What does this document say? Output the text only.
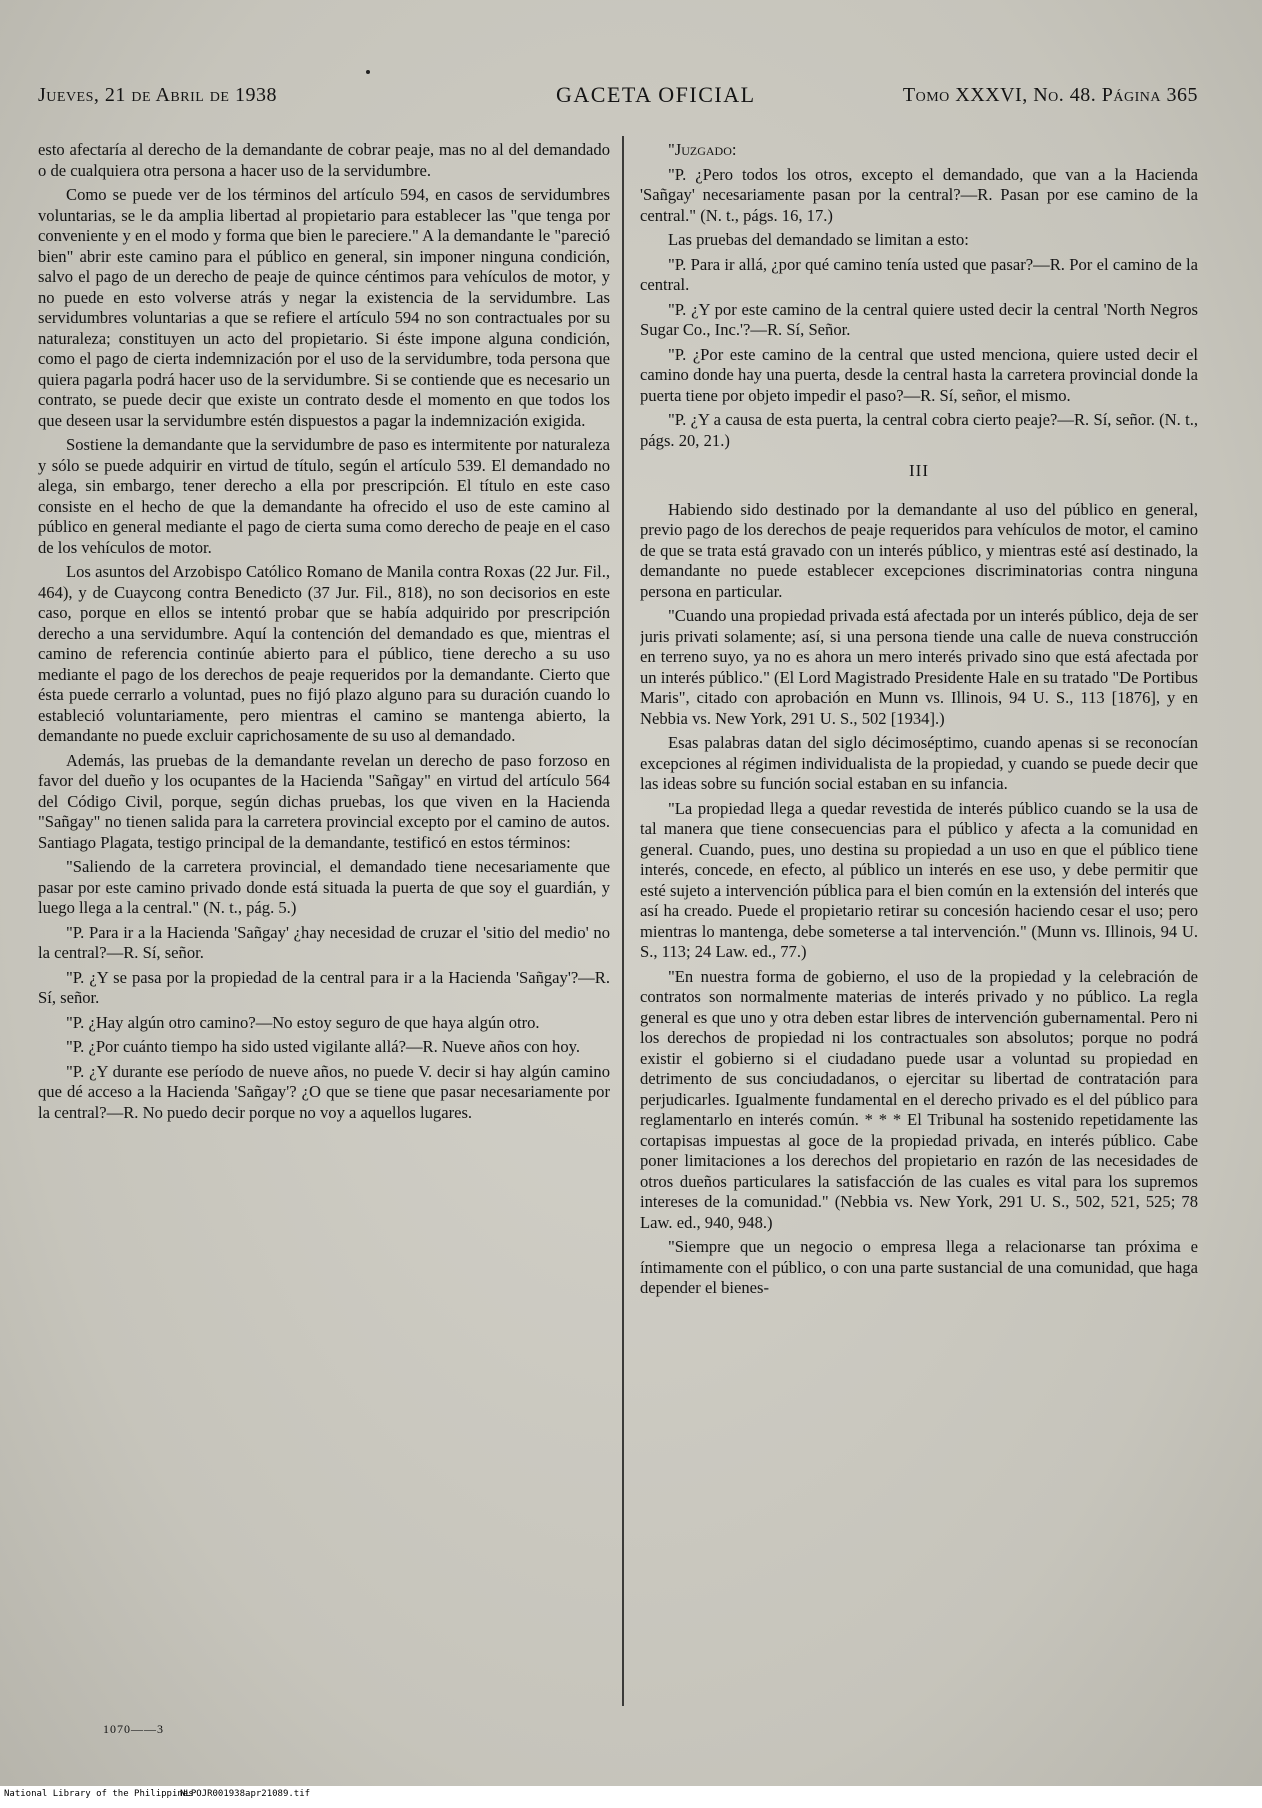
Jueves, 21 de Abril de 1938	GACETA OFICIAL	Tomo XXXVI, No. 48. Página 365

esto afectaría al derecho de la demandante de cobrar peaje, mas no al del demandado o de cualquiera otra persona a hacer uso de la servidumbre.

Como se puede ver de los términos del artículo 594, en casos de servidumbres voluntarias, se le da amplia libertad al propietario para establecer las "que tenga por conveniente y en el modo y forma que bien le pareciere." A la demandante le "pareció bien" abrir este camino para el público en general, sin imponer ninguna condición, salvo el pago de un derecho de peaje de quince céntimos para vehículos de motor, y no puede en esto volverse atrás y negar la existencia de la servidumbre. Las servidumbres voluntarias a que se refiere el artículo 594 no son contractuales por su naturaleza; constituyen un acto del propietario. Si éste impone alguna condición, como el pago de cierta indemnización por el uso de la servidumbre, toda persona que quiera pagarla podrá hacer uso de la servidumbre. Si se contiende que es necesario un contrato, se puede decir que existe un contrato desde el momento en que todos los que deseen usar la servidumbre estén dispuestos a pagar la indemnización exigida.

Sostiene la demandante que la servidumbre de paso es intermitente por naturaleza y sólo se puede adquirir en virtud de título, según el artículo 539. El demandado no alega, sin embargo, tener derecho a ella por prescripción. El título en este caso consiste en el hecho de que la demandante ha ofrecido el uso de este camino al público en general mediante el pago de cierta suma como derecho de peaje en el caso de los vehículos de motor.

Los asuntos del Arzobispo Católico Romano de Manila contra Roxas (22 Jur. Fil., 464), y de Cuaycong contra Benedicto (37 Jur. Fil., 818), no son decisorios en este caso, porque en ellos se intentó probar que se había adquirido por prescripción derecho a una servidumbre. Aquí la contención del demandado es que, mientras el camino de referencia continúe abierto para el público, tiene derecho a su uso mediante el pago de los derechos de peaje requeridos por la demandante. Cierto que ésta puede cerrarlo a voluntad, pues no fijó plazo alguno para su duración cuando lo estableció voluntariamente, pero mientras el camino se mantenga abierto, la demandante no puede excluir caprichosamente de su uso al demandado.

Además, las pruebas de la demandante revelan un derecho de paso forzoso en favor del dueño y los ocupantes de la Hacienda "Sañgay" en virtud del artículo 564 del Código Civil, porque, según dichas pruebas, los que viven en la Hacienda "Sañgay" no tienen salida para la carretera provincial excepto por el camino de autos. Santiago Plagata, testigo principal de la demandante, testificó en estos términos:

"Saliendo de la carretera provincial, el demandado tiene necesariamente que pasar por este camino privado donde está situada la puerta de que soy el guardián, y luego llega a la central." (N. t., pág. 5.)

"P. Para ir a la Hacienda 'Sañgay' ¿hay necesidad de cruzar el 'sitio del medio' no la central?—R. Sí, señor.

"P. ¿Y se pasa por la propiedad de la central para ir a la Hacienda 'Sañgay'?—R. Sí, señor.

"P. ¿Hay algún otro camino?—No estoy seguro de que haya algún otro.

"P. ¿Por cuánto tiempo ha sido usted vigilante allá?—R. Nueve años con hoy.

"P. ¿Y durante ese período de nueve años, no puede V. decir si hay algún camino que dé acceso a la Hacienda 'Sañgay'? ¿O que se tiene que pasar necesariamente por la central?—R. No puedo decir porque no voy a aquellos lugares.

"Juzgado:

"P. ¿Pero todos los otros, excepto el demandado, que van a la Hacienda 'Sañgay' necesariamente pasan por la central?—R. Pasan por ese camino de la central." (N. t., págs. 16, 17.)

Las pruebas del demandado se limitan a esto:

"P. Para ir allá, ¿por qué camino tenía usted que pasar?—R. Por el camino de la central.

"P. ¿Y por este camino de la central quiere usted decir la central 'North Negros Sugar Co., Inc.'?—R. Sí, Señor.

"P. ¿Por este camino de la central que usted menciona, quiere usted decir el camino donde hay una puerta, desde la central hasta la carretera provincial donde la puerta tiene por objeto impedir el paso?—R. Sí, señor, el mismo.

"P. ¿Y a causa de esta puerta, la central cobra cierto peaje?—R. Sí, señor. (N. t., págs. 20, 21.)

III

Habiendo sido destinado por la demandante al uso del público en general, previo pago de los derechos de peaje requeridos para vehículos de motor, el camino de que se trata está gravado con un interés público, y mientras esté así destinado, la demandante no puede establecer excepciones discriminatorias contra ninguna persona en particular.

"Cuando una propiedad privada está afectada por un interés público, deja de ser juris privati solamente; así, si una persona tiende una calle de nueva construcción en terreno suyo, ya no es ahora un mero interés privado sino que está afectada por un interés público." (El Lord Magistrado Presidente Hale en su tratado "De Portibus Maris", citado con aprobación en Munn vs. Illinois, 94 U. S., 113 [1876], y en Nebbia vs. New York, 291 U. S., 502 [1934].)

Esas palabras datan del siglo décimoséptimo, cuando apenas si se reconocían excepciones al régimen individualista de la propiedad, y cuando se puede decir que las ideas sobre su función social estaban en su infancia.

"La propiedad llega a quedar revestida de interés público cuando se la usa de tal manera que tiene consecuencias para el público y afecta a la comunidad en general. Cuando, pues, uno destina su propiedad a un uso en que el público tiene interés, concede, en efecto, al público un interés en ese uso, y debe permitir que esté sujeto a intervención pública para el bien común en la extensión del interés que así ha creado. Puede el propietario retirar su concesión haciendo cesar el uso; pero mientras lo mantenga, debe someterse a tal intervención." (Munn vs. Illinois, 94 U. S., 113; 24 Law. ed., 77.)

"En nuestra forma de gobierno, el uso de la propiedad y la celebración de contratos son normalmente materias de interés privado y no público. La regla general es que uno y otra deben estar libres de intervención gubernamental. Pero ni los derechos de propiedad ni los contractuales son absolutos; porque no podrá existir el gobierno si el ciudadano puede usar a voluntad su propiedad en detrimento de sus conciudadanos, o ejercitar su libertad de contratación para perjudicarles. Igualmente fundamental en el derecho privado es el del público para reglamentarlo en interés común. * * * El Tribunal ha sostenido repetidamente las cortapisas impuestas al goce de la propiedad privada, en interés público. Cabe poner limitaciones a los derechos del propietario en razón de las necesidades de otros dueños particulares la satisfacción de las cuales es vital para los supremos intereses de la comunidad." (Nebbia vs. New York, 291 U. S., 502, 521, 525; 78 Law. ed., 940, 948.)

"Siempre que un negocio o empresa llega a relacionarse tan próxima e íntimamente con el público, o con una parte sustancial de una comunidad, que haga depender el bienes-

1070——3
National Library of the Philippines
NLPOJR001938apr21089.tif
